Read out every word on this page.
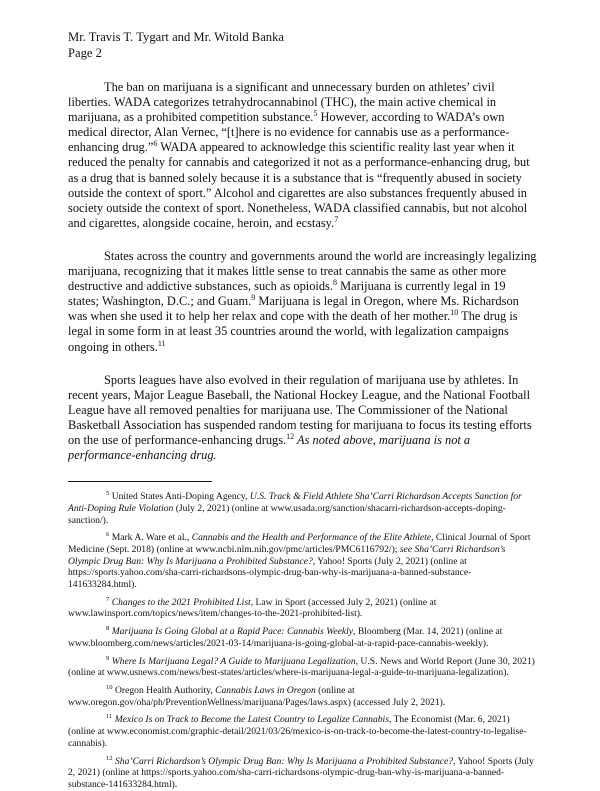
Mr. Travis T. Tygart and Mr. Witold Banka
Page 2

The ban on marijuana is a significant and unnecessary burden on athletes’ civil liberties. WADA categorizes tetrahydrocannabinol (THC), the main active chemical in marijuana, as a prohibited competition substance.$^5$ However, according to WADA’s own medical director, Alan Vernec, “[t]here is no evidence for cannabis use as a performance-enhancing drug.”$^6$ WADA appeared to acknowledge this scientific reality last year when it reduced the penalty for cannabis and categorized it not as a performance-enhancing drug, but as a drug that is banned solely because it is a substance that is “frequently abused in society outside the context of sport.” Alcohol and cigarettes are also substances frequently abused in society outside the context of sport. Nonetheless, WADA classified cannabis, but not alcohol and cigarettes, alongside cocaine, heroin, and ecstasy.$^7$

States across the country and governments around the world are increasingly legalizing marijuana, recognizing that it makes little sense to treat cannabis the same as other more destructive and addictive substances, such as opioids.$^8$ Marijuana is currently legal in 19 states; Washington, D.C.; and Guam.$^9$ Marijuana is legal in Oregon, where Ms. Richardson was when she used it to help her relax and cope with the death of her mother.$^{10}$ The drug is legal in some form in at least 35 countries around the world, with legalization campaigns ongoing in others.$^{11}$

Sports leagues have also evolved in their regulation of marijuana use by athletes. In recent years, Major League Baseball, the National Hockey League, and the National Football League have all removed penalties for marijuana use. The Commissioner of the National Basketball Association has suspended random testing for marijuana to focus its testing efforts on the use of performance-enhancing drugs.$^{12}$ As noted above, marijuana is not a performance-enhancing drug.

$^5$ United States Anti-Doping Agency, U.S. Track & Field Athlete Sha’Carri Richardson Accepts Sanction for Anti-Doping Rule Violation (July 2, 2021) (online at www.usada.org/sanction/shacarri-richardson-accepts-doping-sanction/).

$^6$ Mark A. Ware et al., Cannabis and the Health and Performance of the Elite Athlete, Clinical Journal of Sport Medicine (Sept. 2018) (online at www.ncbi.nlm.nih.gov/pmc/articles/PMC6116792/); see Sha’Carri Richardson’s Olympic Drug Ban: Why Is Marijuana a Prohibited Substance?, Yahoo! Sports (July 2, 2021) (online at https://sports.yahoo.com/sha-carri-richardsons-olympic-drug-ban-why-is-marijuana-a-banned-substance-141633284.html).

$^7$ Changes to the 2021 Prohibited List, Law in Sport (accessed July 2, 2021) (online at www.lawinsport.com/topics/news/item/changes-to-the-2021-prohibited-list).

$^8$ Marijuana Is Going Global at a Rapid Pace: Cannabis Weekly, Bloomberg (Mar. 14, 2021) (online at www.bloomberg.com/news/articles/2021-03-14/marijuana-is-going-global-at-a-rapid-pace-cannabis-weekly).

$^9$ Where Is Marijuana Legal? A Guide to Marijuana Legalization, U.S. News and World Report (June 30, 2021) (online at www.usnews.com/news/best-states/articles/where-is-marijuana-legal-a-guide-to-marijuana-legalization).

$^{10}$ Oregon Health Authority, Cannabis Laws in Oregon (online at www.oregon.gov/oha/ph/PreventionWellness/marijuana/Pages/laws.aspx) (accessed July 2, 2021).

$^{11}$ Mexico Is on Track to Become the Latest Country to Legalize Cannabis, The Economist (Mar. 6, 2021) (online at www.economist.com/graphic-detail/2021/03/26/mexico-is-on-track-to-become-the-latest-country-to-legalise-cannabis).

$^{12}$ Sha’Carri Richardson’s Olympic Drug Ban: Why Is Marijuana a Prohibited Substance?, Yahoo! Sports (July 2, 2021) (online at https://sports.yahoo.com/sha-carri-richardsons-olympic-drug-ban-why-is-marijuana-a-banned-substance-141633284.html).
